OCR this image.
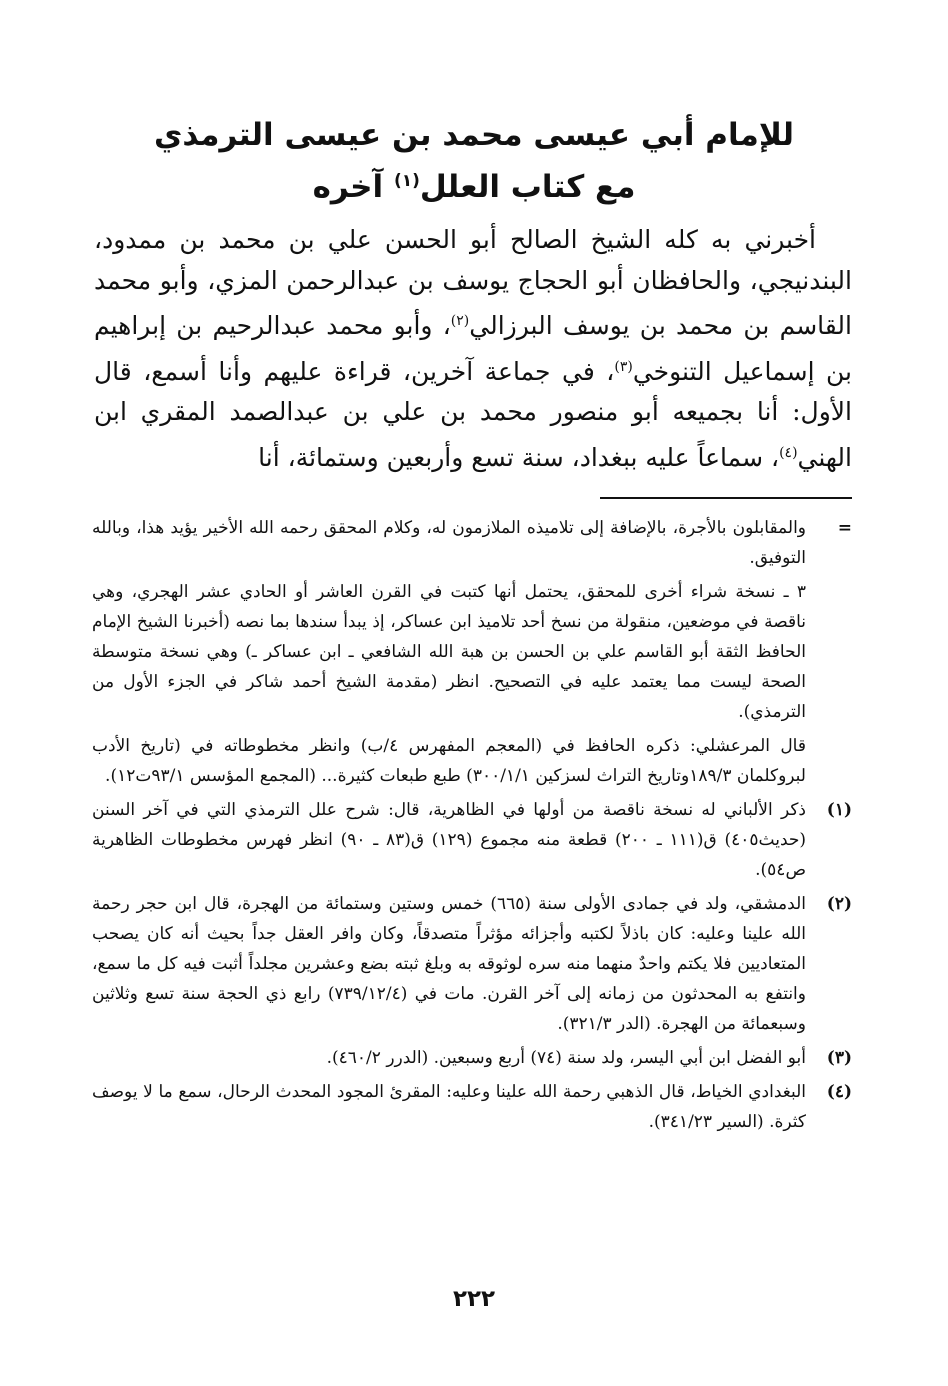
للإمام أبي عيسى محمد بن عيسى الترمذي
مع كتاب العلل$^{(١)}$ آخره

أخبرني به كله الشيخ الصالح أبو الحسن علي بن محمد بن ممدود، البندنيجي، والحافظان أبو الحجاج يوسف بن عبدالرحمن المزي، وأبو محمد القاسم بن محمد بن يوسف البرزالي$^{(٢)}$، وأبو محمد عبدالرحيم بن إبراهيم بن إسماعيل التنوخي$^{(٣)}$، في جماعة آخرين، قراءة عليهم وأنا أسمع، قال الأول: أنا بجميعه أبو منصور محمد بن علي بن عبدالصمد المقري ابن الهني$^{(٤)}$، سماعاً عليه ببغداد، سنة تسع وأربعين وستمائة، أنا

=
والمقابلون بالأجرة، بالإضافة إلى تلاميذه الملازمون له، وكلام المحقق رحمه الله الأخير يؤيد هذا، وبالله التوفيق.
٣ ـ نسخة شراء أخرى للمحقق، يحتمل أنها كتبت في القرن العاشر أو الحادي عشر الهجري، وهي ناقصة في موضعين، منقولة من نسخ أحد تلاميذ ابن عساكر، إذ يبدأ سندها بما نصه (أخبرنا الشيخ الإمام الحافظ الثقة أبو القاسم علي بن الحسن بن هبة الله الشافعي ـ ابن عساكر ـ) وهي نسخة متوسطة الصحة ليست مما يعتمد عليه في التصحيح. انظر (مقدمة الشيخ أحمد شاكر في الجزء الأول من الترمذي).
قال المرعشلي: ذكره الحافظ في (المعجم المفهرس ٤/ب) وانظر مخطوطاته في (تاريخ الأدب لبروكلمان ١٨٩/٣وتاريخ التراث لسزكين ٣٠٠/١/١) طبع طبعات كثيرة... (المجمع المؤسس ٩٣/١ت١٢).
(١)
ذكر الألباني له نسخة ناقصة من أولها في الظاهرية، قال: شرح علل الترمذي التي في آخر السنن (حديث٤٠٥) ق(١١١ ـ ٢٠٠) قطعة منه مجموع (١٢٩) ق(٨٣ ـ ٩٠) انظر فهرس مخطوطات الظاهرية ص٥٤).
(٢)
الدمشقي، ولد في جمادى الأولى سنة (٦٦٥) خمس وستين وستمائة من الهجرة، قال ابن حجر رحمة الله علينا وعليه: كان باذلاً لكتبه وأجزائه مؤثراً متصدقاً، وكان وافر العقل جداً بحيث أنه كان يصحب المتعاديين فلا يكتم واحدٌ منهما منه سره لوثوقه به وبلغ ثبته بضع وعشرين مجلداً أثبت فيه كل ما سمع، وانتفع به المحدثون من زمانه إلى آخر القرن. مات في (٧٣٩/١٢/٤) رابع ذي الحجة سنة تسع وثلاثين وسبعمائة من الهجرة. (الدر ٣٢١/٣).
(٣)
أبو الفضل ابن أبي اليسر، ولد سنة (٧٤) أربع وسبعين. (الدرر ٤٦٠/٢).
(٤)
البغدادي الخياط، قال الذهبي رحمة الله علينا وعليه: المقرئ المجود المحدث الرحال، سمع ما لا يوصف كثرة. (السير ٣٤١/٢٣).
٢٢٢
